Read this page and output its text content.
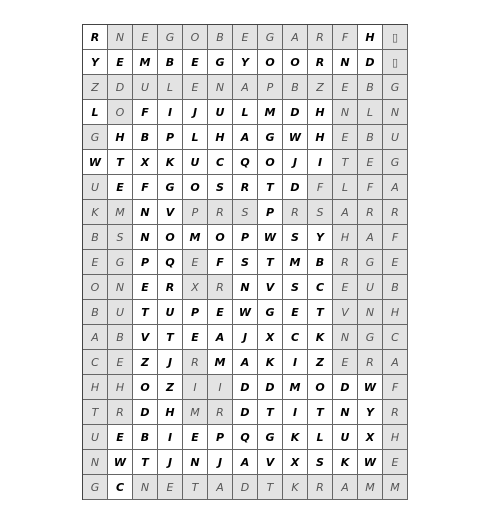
R	N	E	G	O	B	E	G	A	R	F	H	▯
Y	E	M	B	E	G	Y	O	O	R	N	D	▯
Z	D	U	L	E	N	A	P	B	Z	E	B	G
L	O	F	I	J	U	L	M	D	H	N	L	N
G	H	B	P	L	H	A	G	W	H	E	B	U
W	T	X	K	U	C	Q	O	J	I	T	E	G
U	E	F	G	O	S	R	T	D	F	L	F	A
K	M	N	V	P	R	S	P	R	S	A	R	R
B	S	N	O	M	O	P	W	S	Y	H	A	F
E	G	P	Q	E	F	S	T	M	B	R	G	E
O	N	E	R	X	R	N	V	S	C	E	U	B
B	U	T	U	P	E	W	G	E	T	V	N	H
A	B	V	T	E	A	J	X	C	K	N	G	C
C	E	Z	J	R	M	A	K	I	Z	E	R	A
H	H	O	Z	I	I	D	D	M	O	D	W	F
T	R	D	H	M	R	D	T	I	T	N	Y	R
U	E	B	I	E	P	Q	G	K	L	U	X	H
N	W	T	J	N	J	A	V	X	S	K	W	E
G	C	N	E	T	A	D	T	K	R	A	M	M
